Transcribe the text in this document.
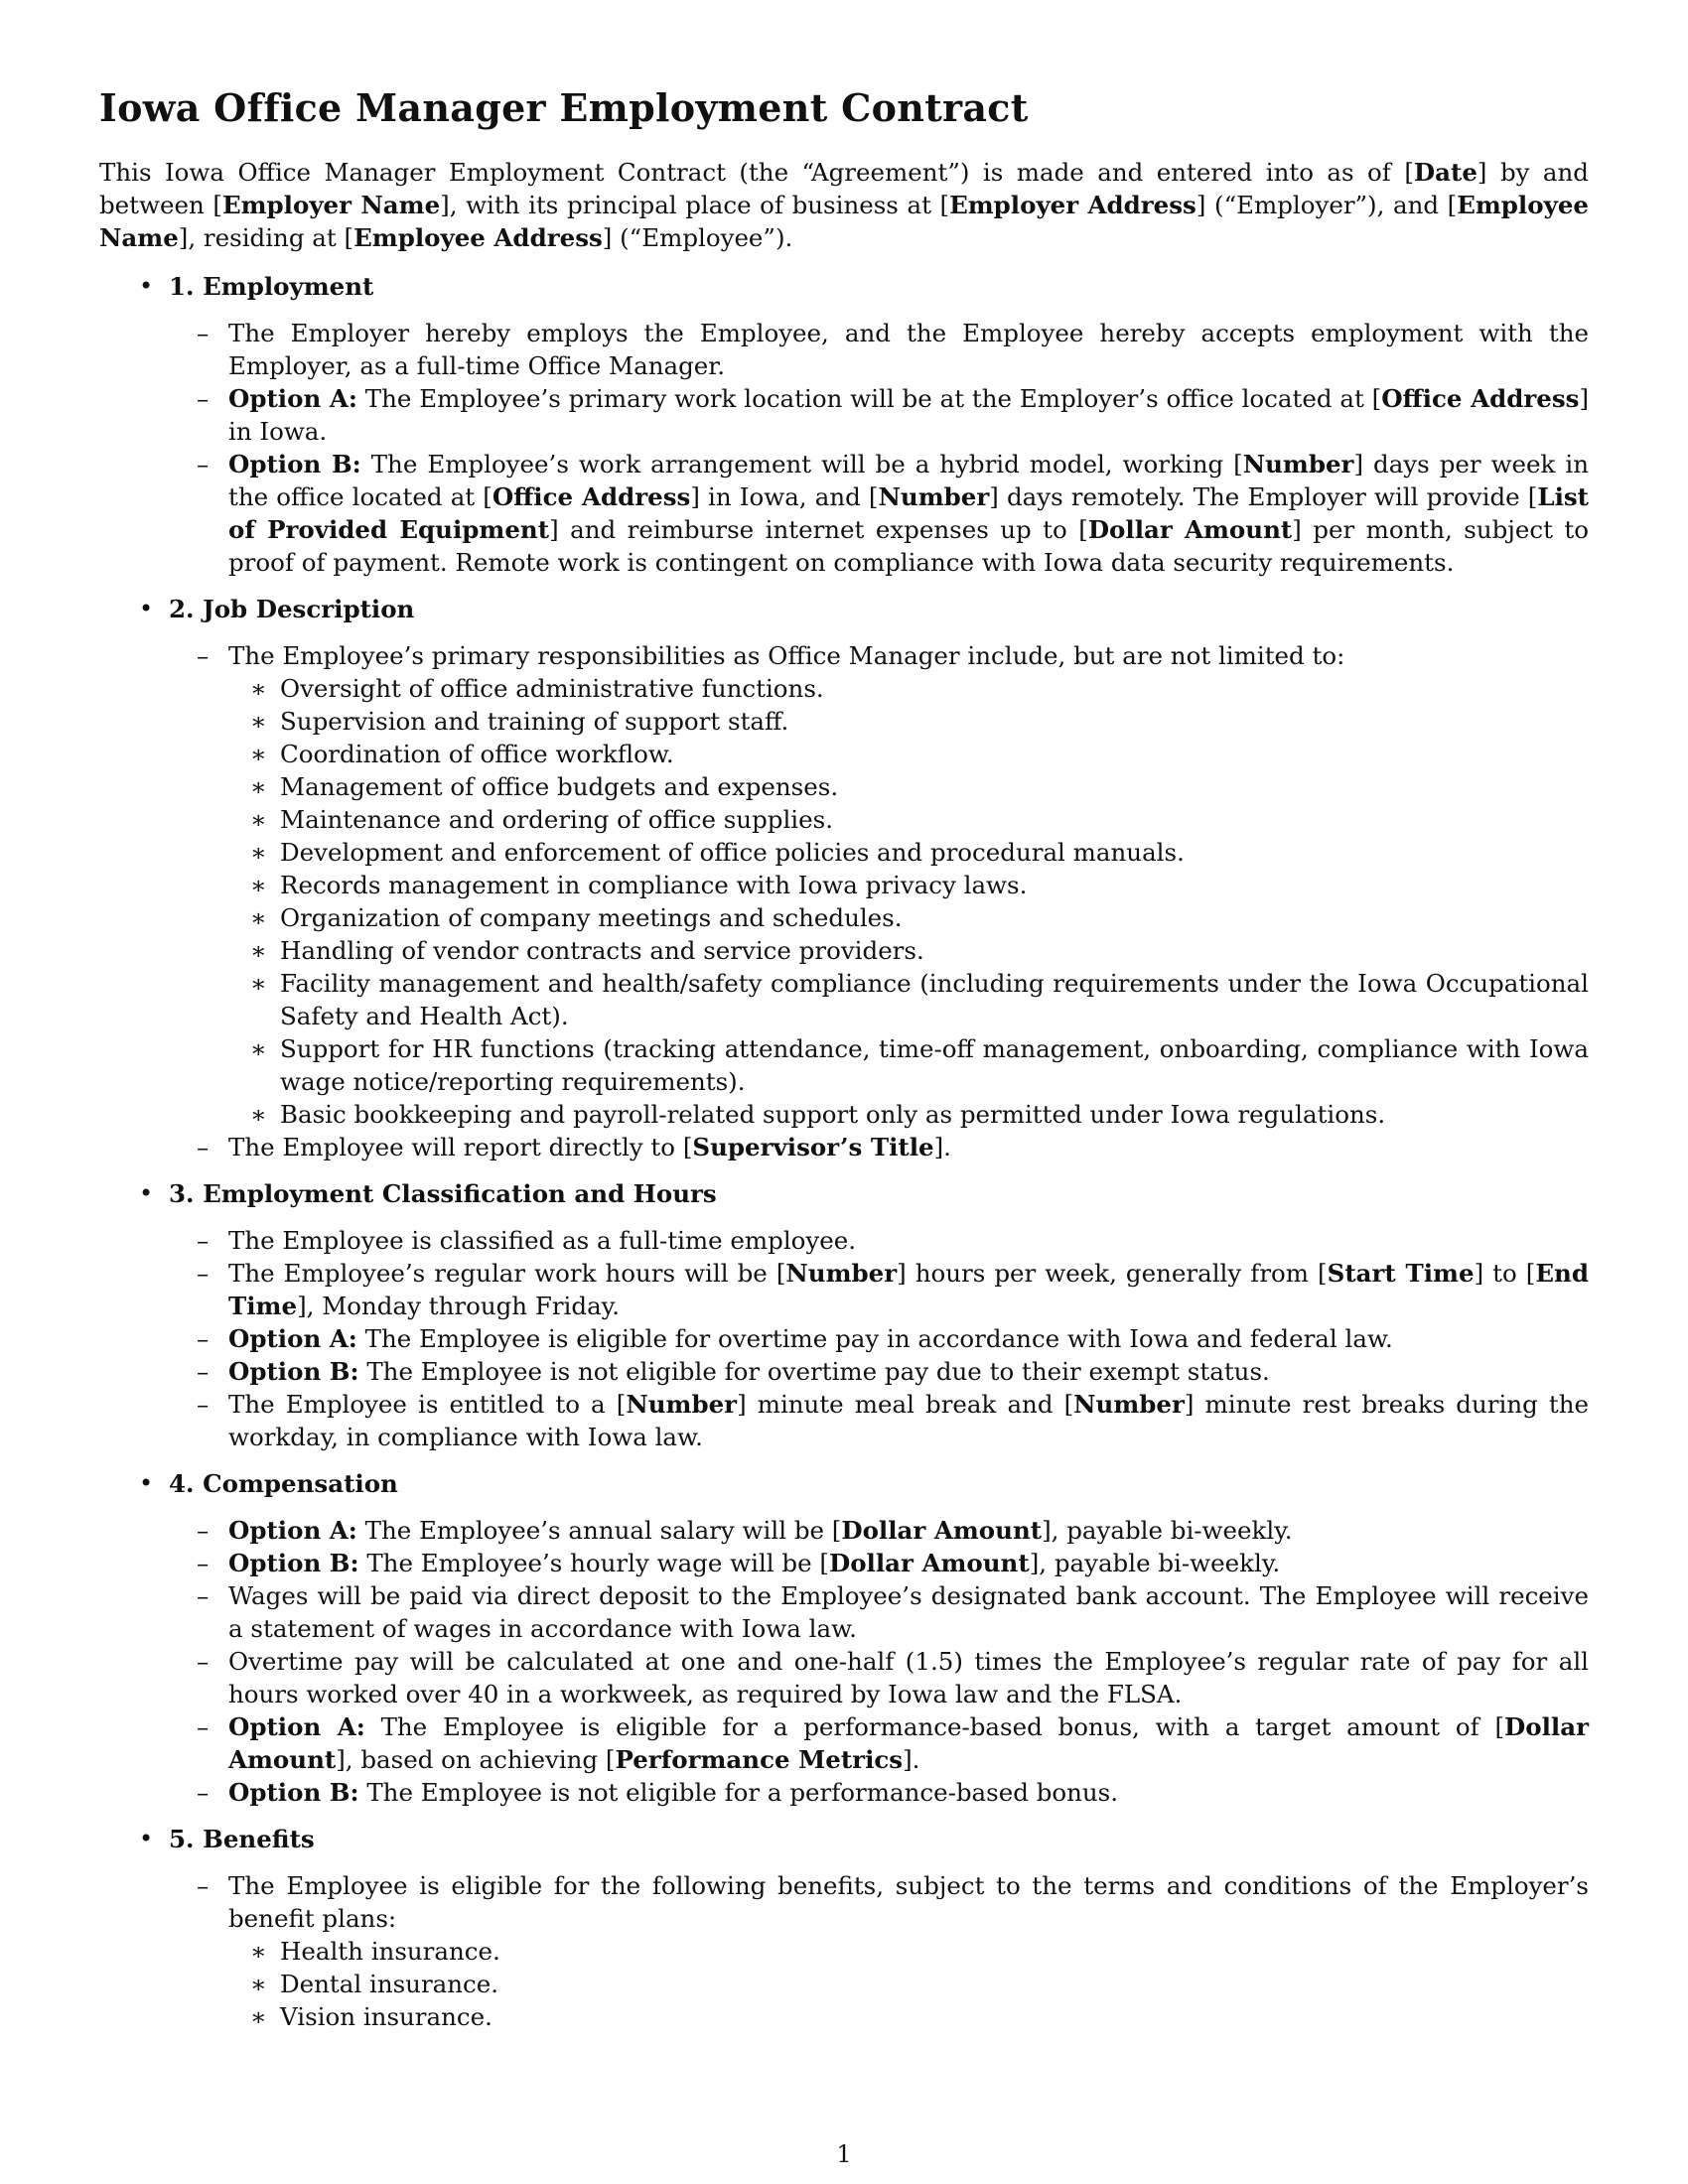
Iowa Office Manager Employment Contract

This Iowa Office Manager Employment Contract (the “Agreement”) is made and entered into as of [Date] by and between [Employer Name], with its principal place of business at [Employer Address] (“Employer”), and [Employee Name], residing at [Employee Address] (“Employee”).

• 1. Employment
– The Employer hereby employs the Employee, and the Employee hereby accepts employment with the Employer, as a full-time Office Manager.
– Option A: The Employee’s primary work location will be at the Employer’s office located at [Office Address] in Iowa.
– Option B: The Employee’s work arrangement will be a hybrid model, working [Number] days per week in the office located at [Office Address] in Iowa, and [Number] days remotely. The Employer will provide [List of Provided Equipment] and reimburse internet expenses up to [Dollar Amount] per month, subject to proof of payment. Remote work is contingent on compliance with Iowa data security requirements.
• 2. Job Description
– The Employee’s primary responsibilities as Office Manager include, but are not limited to:
∗ Oversight of office administrative functions.
∗ Supervision and training of support staff.
∗ Coordination of office workflow.
∗ Management of office budgets and expenses.
∗ Maintenance and ordering of office supplies.
∗ Development and enforcement of office policies and procedural manuals.
∗ Records management in compliance with Iowa privacy laws.
∗ Organization of company meetings and schedules.
∗ Handling of vendor contracts and service providers.
∗ Facility management and health/safety compliance (including requirements under the Iowa Occupational Safety and Health Act).
∗ Support for HR functions (tracking attendance, time-off management, onboarding, compliance with Iowa wage notice/reporting requirements).
∗ Basic bookkeeping and payroll-related support only as permitted under Iowa regulations.
– The Employee will report directly to [Supervisor’s Title].
• 3. Employment Classification and Hours
– The Employee is classified as a full-time employee.
– The Employee’s regular work hours will be [Number] hours per week, generally from [Start Time] to [End Time], Monday through Friday.
– Option A: The Employee is eligible for overtime pay in accordance with Iowa and federal law.
– Option B: The Employee is not eligible for overtime pay due to their exempt status.
– The Employee is entitled to a [Number] minute meal break and [Number] minute rest breaks during the workday, in compliance with Iowa law.
• 4. Compensation
– Option A: The Employee’s annual salary will be [Dollar Amount], payable bi-weekly.
– Option B: The Employee’s hourly wage will be [Dollar Amount], payable bi-weekly.
– Wages will be paid via direct deposit to the Employee’s designated bank account. The Employee will receive a statement of wages in accordance with Iowa law.
– Overtime pay will be calculated at one and one-half (1.5) times the Employee’s regular rate of pay for all hours worked over 40 in a workweek, as required by Iowa law and the FLSA.
– Option A: The Employee is eligible for a performance-based bonus, with a target amount of [Dollar Amount], based on achieving [Performance Metrics].
– Option B: The Employee is not eligible for a performance-based bonus.
• 5. Benefits
– The Employee is eligible for the following benefits, subject to the terms and conditions of the Employer’s benefit plans:
∗ Health insurance.
∗ Dental insurance.
∗ Vision insurance.
1
